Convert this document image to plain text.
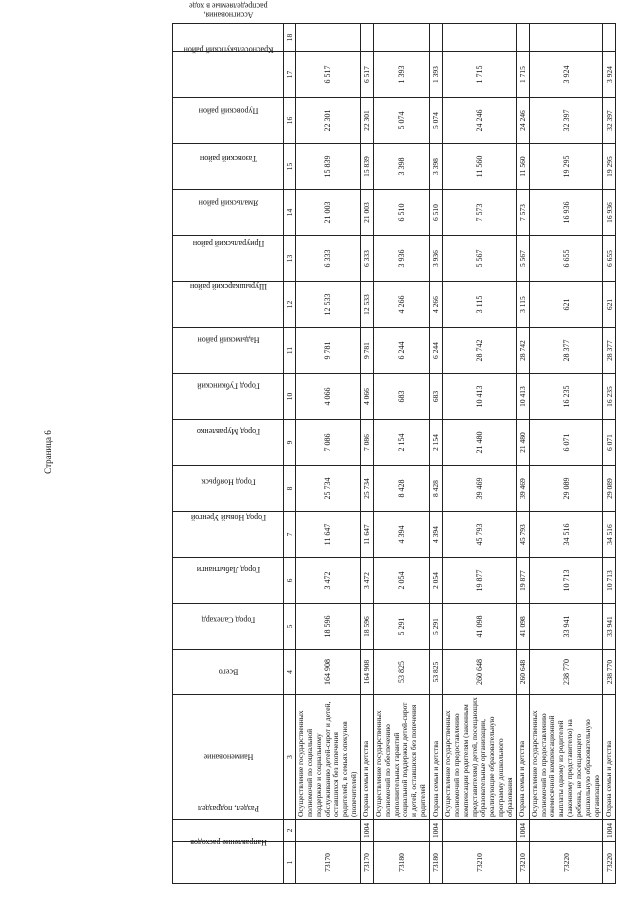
Страница 6
Направление расходов	Раздел, подраздел	Наименование	Всего	Город Салехард	Город Лабытнанги	Город Новый Уренгой	Город Ноябрьск	Город Муравленко	Город Губкинский	Надымский район	Шурышкарский район	Приуральский район	Ямальский район	Тазовский район	Пуровский район	Красноселькупский район	Ассигнования, распределяемые в ходе
1	2	3	4	5	6	7	8	9	10	11	12	13	14	15	16	17	18
73170		Осуществление государственных полномочий по социальной поддержке и социальному обслуживанию детей-сирот и детей, оставшихся без попечения родителей, в семьях опекунов (попечителей)	164 908	18 596	3 472	11 647	25 734	7 086	4 066	9 781	12 533	6 333	21 003	15 839	22 301	6 517	
73170	1004	Охрана семьи и детства	164 908	18 596	3 472	11 647	25 734	7 086	4 066	9 781	12 533	6 333	21 003	15 839	22 301	6 517	
73180		Осуществление государственных полномочий по обеспечению дополнительных гарантий социальной поддержки детей-сирот и детей, оставшихся без попечения родителей	53 825	5 291	2 054	4 394	8 428	2 154	683	6 244	4 266	3 936	6 510	3 398	5 074	1 393	
73180	1004	Охрана семьи и детства	53 825	5 291	2 054	4 394	8 428	2 154	683	6 244	4 266	3 936	6 510	3 398	5 074	1 393	
73210		Осуществление государственных полномочий по предоставлению компенсации родителям (законным представителям) детей, посещающих образовательные организации, реализующие образовательную программу дошкольного образования	260 648	41 098	19 877	45 793	39 469	21 480	10 413	28 742	3 115	5 567	7 573	11 560	24 246	1 715	
73210	1004	Охрана семьи и детства	260 648	41 098	19 877	45 793	39 469	21 480	10 413	28 742	3 115	5 567	7 573	11 560	24 246	1 715	
73220		Осуществление государственных полномочий по предоставлению ежемесячной компенсационной выплаты одному из родителей (законному представителю) на ребенка, не посещающего дошкольную образовательную организацию	238 770	33 941	10 713	34 516	29 089	6 071	16 235	28 377	621	6 655	16 936	19 295	32 397	3 924	
73220	1004	Охрана семьи и детства	238 770	33 941	10 713	34 516	29 089	6 071	16 235	28 377	621	6 655	16 936	19 295	32 397	3 924	
